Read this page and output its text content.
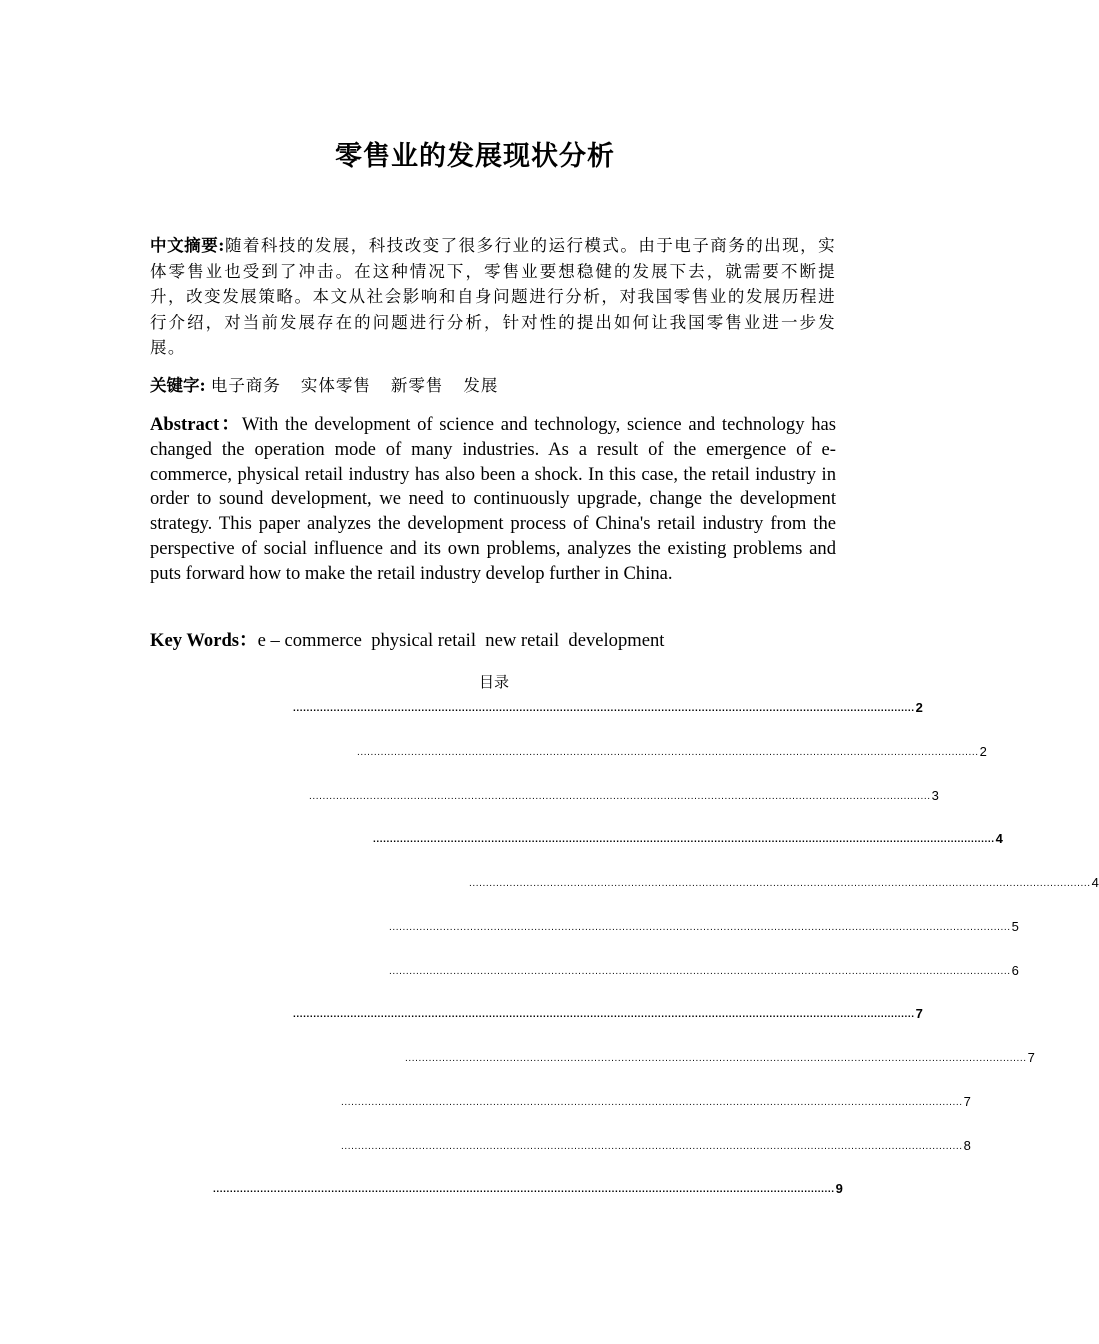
零售业的发展现状分析

中文摘要:随着科技的发展，科技改变了很多行业的运行模式。由于电子商务的出现，实体零售业也受到了冲击。在这种情况下，零售业要想稳健的发展下去，就需要不断提升，改变发展策略。本文从社会影响和自身问题进行分析，对我国零售业的发展历程进行介绍，对当前发展存在的问题进行分析，针对性的提出如何让我国零售业进一步发展。

关键字: 电子商务 实体零售 新零售 发展

Abstract：With the development of science and technology, science and technology has changed the operation mode of many industries. As a result of the emergence of e-commerce, physical retail industry has also been a shock. In this case, the retail industry in order to sound development, we need to continuously upgrade, change the development strategy. This paper analyzes the development process of China's retail industry from the perspective of social influence and its own problems, analyzes the existing problems and puts forward how to make the retail industry develop further in China.

Key Words：e – commerce  physical retail  new retail  development

目录
........................................................................................................................................................................................ 2
........................................................................................................................................................................................ 2
........................................................................................................................................................................................ 3
........................................................................................................................................................................................ 4
........................................................................................................................................................................................ 4
........................................................................................................................................................................................ 5
........................................................................................................................................................................................ 6
........................................................................................................................................................................................ 7
........................................................................................................................................................................................ 7
........................................................................................................................................................................................ 7
........................................................................................................................................................................................ 8
........................................................................................................................................................................................ 9
